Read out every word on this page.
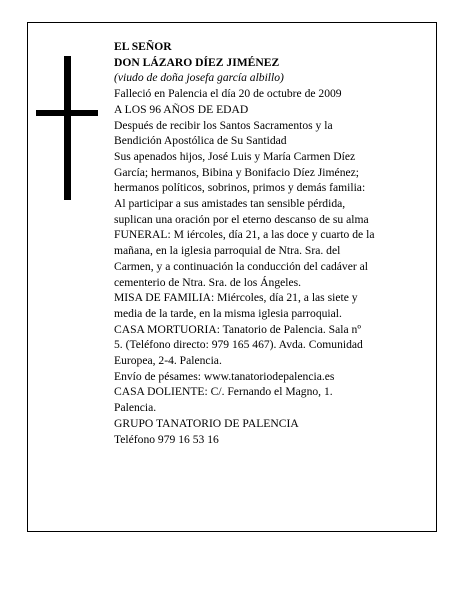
EL SEÑOR
DON LÁZARO DÍEZ JIMÉNEZ
(viudo de doña josefa garcía albillo)
Falleció en Palencia el día 20 de octubre de 2009
A LOS 96 AÑOS DE EDAD
Después de recibir los Santos Sacramentos y la
Bendición Apostólica de Su Santidad
Sus apenados hijos, José Luis y María Carmen Díez
García; hermanos, Bibina y Bonifacio Díez Jiménez;
hermanos políticos, sobrinos, primos y demás familia:
Al participar a sus amistades tan sensible pérdida,
suplican una oración por el eterno descanso de su alma
FUNERAL: M iércoles, día 21, a las doce y cuarto de la
mañana, en la iglesia parroquial de Ntra. Sra. del
Carmen, y a continuación la conducción del cadáver al
cementerio de Ntra. Sra. de los Ángeles.
MISA DE FAMILIA: Miércoles, día 21, a las siete y
media de la tarde, en la misma iglesia parroquial.
CASA MORTUORIA: Tanatorio de Palencia. Sala nº
5. (Teléfono directo: 979 165 467). Avda. Comunidad
Europea, 2-4. Palencia.
Envío de pésames: www.tanatoriodepalencia.es
CASA DOLIENTE: C/. Fernando el Magno, 1.
Palencia.
GRUPO TANATORIO DE PALENCIA
Teléfono 979 16 53 16
